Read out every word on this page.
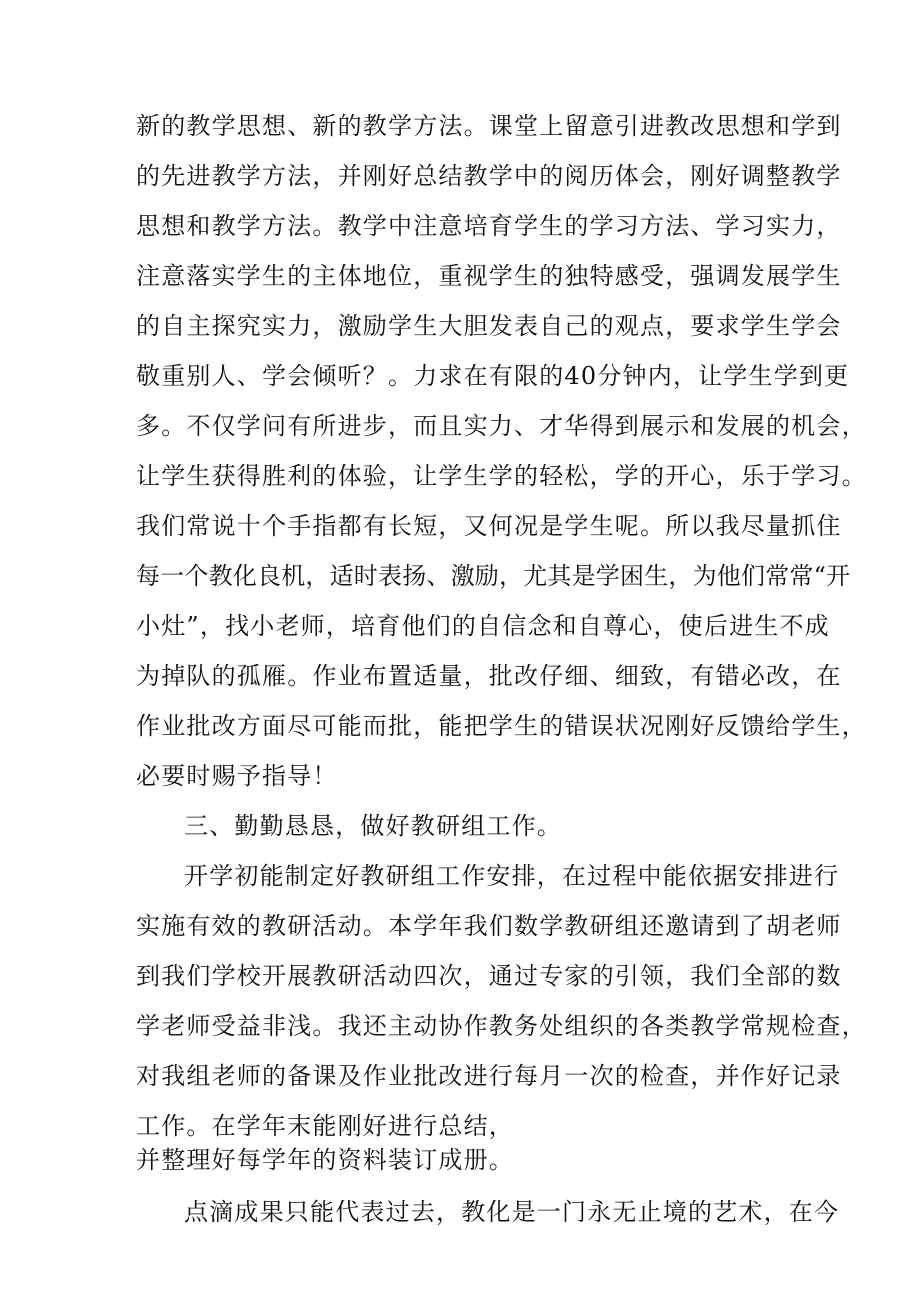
新的教学思想、新的教学方法。课堂上留意引进教改思想和学到
的先进教学方法，并刚好总结教学中的阅历体会，刚好调整教学
思想和教学方法。教学中注意培育学生的学习方法、学习实力，
注意落实学生的主体地位，重视学生的独特感受，强调发展学生
的自主探究实力，激励学生大胆发表自己的观点，要求学生学会
敬重别人、学会倾听？。力求在有限的40分钟内，让学生学到更
多。不仅学问有所进步，而且实力、才华得到展示和发展的机会，
让学生获得胜利的体验，让学生学的轻松，学的开心，乐于学习。
我们常说十个手指都有长短，又何况是学生呢。所以我尽量抓住
每一个教化良机，适时表扬、激励，尤其是学困生，为他们常常“开
小灶”，找小老师，培育他们的自信念和自尊心，使后进生不成
为掉队的孤雁。作业布置适量，批改仔细、细致，有错必改，在
作业批改方面尽可能而批，能把学生的错误状况刚好反馈给学生，
必要时赐予指导！
三、勤勤恳恳，做好教研组工作。
开学初能制定好教研组工作安排，在过程中能依据安排进行
实施有效的教研活动。本学年我们数学教研组还邀请到了胡老师
到我们学校开展教研活动四次，通过专家的引领，我们全部的数
学老师受益非浅。我还主动协作教务处组织的各类教学常规检查，
对我组老师的备课及作业批改进行每月一次的检查，并作好记录
工作。在学年末能刚好进行总结，
并整理好每学年的资料装订成册。
点滴成果只能代表过去，教化是一门永无止境的艺术，在今
